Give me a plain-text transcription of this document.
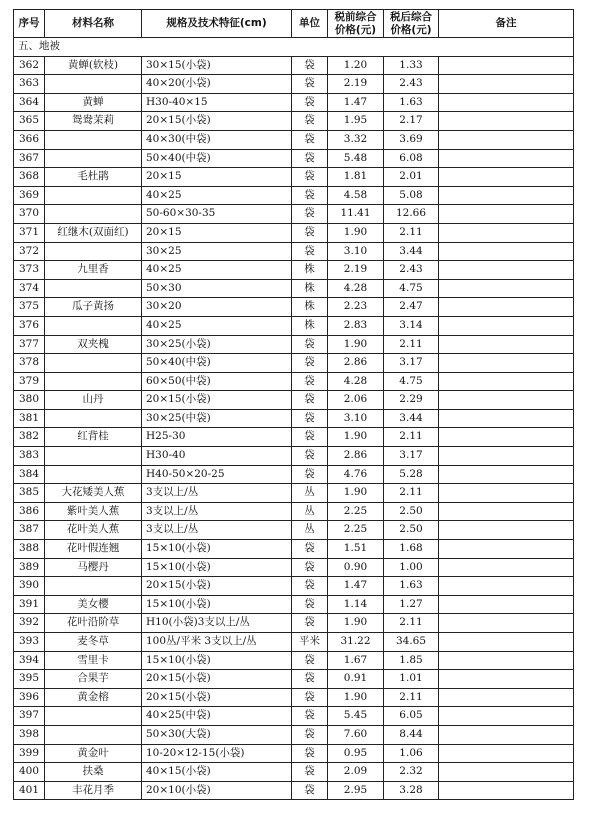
序号	材料名称	规格及技术特征(cm)	单位	税前综合价格(元)	税后综合价格(元)	备注
五、地被						
362	黄蝉(软枝)	30×15(小袋)	袋	1.20	1.33	
363		40×20(小袋)	袋	2.19	2.43	
364	黄蝉	H30-40×15	袋	1.47	1.63	
365	鸳鸯茉莉	20×15(小袋)	袋	1.95	2.17	
366		40×30(中袋)	袋	3.32	3.69	
367		50×40(中袋)	袋	5.48	6.08	
368	毛杜鹃	20×15	袋	1.81	2.01	
369		40×25	袋	4.58	5.08	
370		50-60×30-35	袋	11.41	12.66	
371	红继木(双面红)	20×15	袋	1.90	2.11	
372		30×25	袋	3.10	3.44	
373	九里香	40×25	株	2.19	2.43	
374		50×30	株	4.28	4.75	
375	瓜子黄扬	30×20	株	2.23	2.47	
376		40×25	株	2.83	3.14	
377	双夹槐	30×25(小袋)	袋	1.90	2.11	
378		50×40(中袋)	袋	2.86	3.17	
379		60×50(中袋)	袋	4.28	4.75	
380	山丹	20×15(小袋)	袋	2.06	2.29	
381		30×25(中袋)	袋	3.10	3.44	
382	红背桂	H25-30	袋	1.90	2.11	
383		H30-40	袋	2.86	3.17	
384		H40-50×20-25	袋	4.76	5.28	
385	大花矮美人蕉	3支以上/丛	丛	1.90	2.11	
386	紫叶美人蕉	3支以上/丛	丛	2.25	2.50	
387	花叶美人蕉	3支以上/丛	丛	2.25	2.50	
388	花叶假连翘	15×10(小袋)	袋	1.51	1.68	
389	马樱丹	15×10(小袋)	袋	0.90	1.00	
390		20×15(小袋)	袋	1.47	1.63	
391	美女樱	15×10(小袋)	袋	1.14	1.27	
392	花叶沿阶草	H10(小袋)3支以上/丛	袋	1.90	2.11	
393	麦冬草	100丛/平米 3支以上/丛	平米	31.22	34.65	
394	雪里卡	15×10(小袋)	袋	1.67	1.85	
395	合果芋	20×15(小袋)	袋	0.91	1.01	
396	黄金榕	20×15(小袋)	袋	1.90	2.11	
397		40×25(中袋)	袋	5.45	6.05	
398		50×30(大袋)	袋	7.60	8.44	
399	黄金叶	10-20×12-15(小袋)	袋	0.95	1.06	
400	扶桑	40×15(小袋)	袋	2.09	2.32	
401	丰花月季	20×10(小袋)	袋	2.95	3.28	
